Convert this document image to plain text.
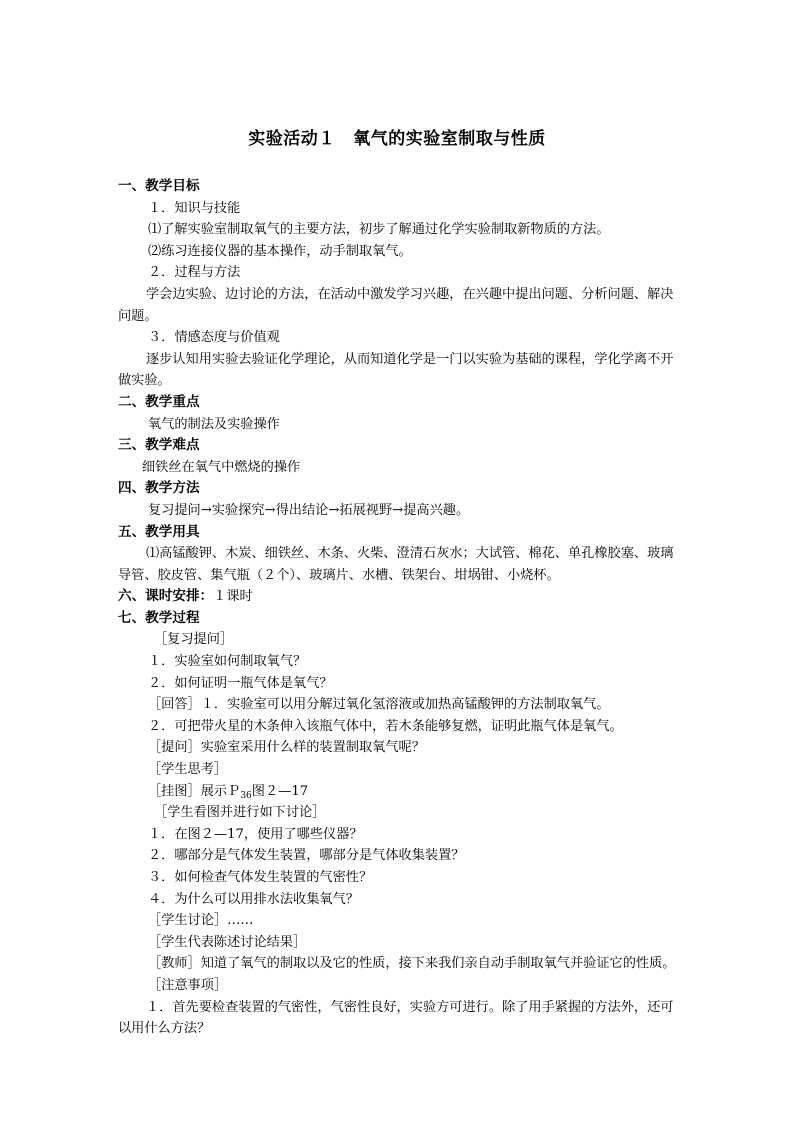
实验活动１　氧气的实验室制取与性质
一、教学目标
１．知识与技能
⑴了解实验室制取氧气的主要方法，初步了解通过化学实验制取新物质的方法。
⑵练习连接仪器的基本操作，动手制取氧气。
２．过程与方法
学会边实验、边讨论的方法，在活动中激发学习兴趣，在兴趣中提出问题、分析问题、解决问题。
３．情感态度与价值观
逐步认知用实验去验证化学理论，从而知道化学是一门以实验为基础的课程，学化学离不开做实验。
二、教学重点
氧气的制法及实验操作
三、教学难点
细铁丝在氧气中燃烧的操作
四、教学方法
复习提问→实验探究→得出结论→拓展视野→提高兴趣。
五、教学用具
⑴高锰酸钾、木炭、细铁丝、木条、火柴、澄清石灰水；大试管、棉花、单孔橡胶塞、玻璃导管、胶皮管、集气瓶（２个）、玻璃片、水槽、铁架台、坩埚钳、小烧杯。
六、课时安排：１课时
七、教学过程
［复习提问］
１．实验室如何制取氧气？
２．如何证明一瓶气体是氧气？
［回答］１．实验室可以用分解过氧化氢溶液或加热高锰酸钾的方法制取氧气。
２．可把带火星的木条伸入该瓶气体中，若木条能够复燃，证明此瓶气体是氧气。
［提问］实验室采用什么样的装置制取氧气呢？
［学生思考］
［挂图］展示Ｐ$_{36}$图２—17
［学生看图并进行如下讨论］
１．在图２—17，使用了哪些仪器？
２．哪部分是气体发生装置，哪部分是气体收集装置？
３．如何检查气体发生装置的气密性？
４．为什么可以用排水法收集氧气？
［学生讨论］……
［学生代表陈述讨论结果］
［教师］知道了氧气的制取以及它的性质，接下来我们亲自动手制取氧气并验证它的性质。
［注意事项］
１．首先要检查装置的气密性，气密性良好，实验方可进行。除了用手紧握的方法外，还可以用什么方法？
